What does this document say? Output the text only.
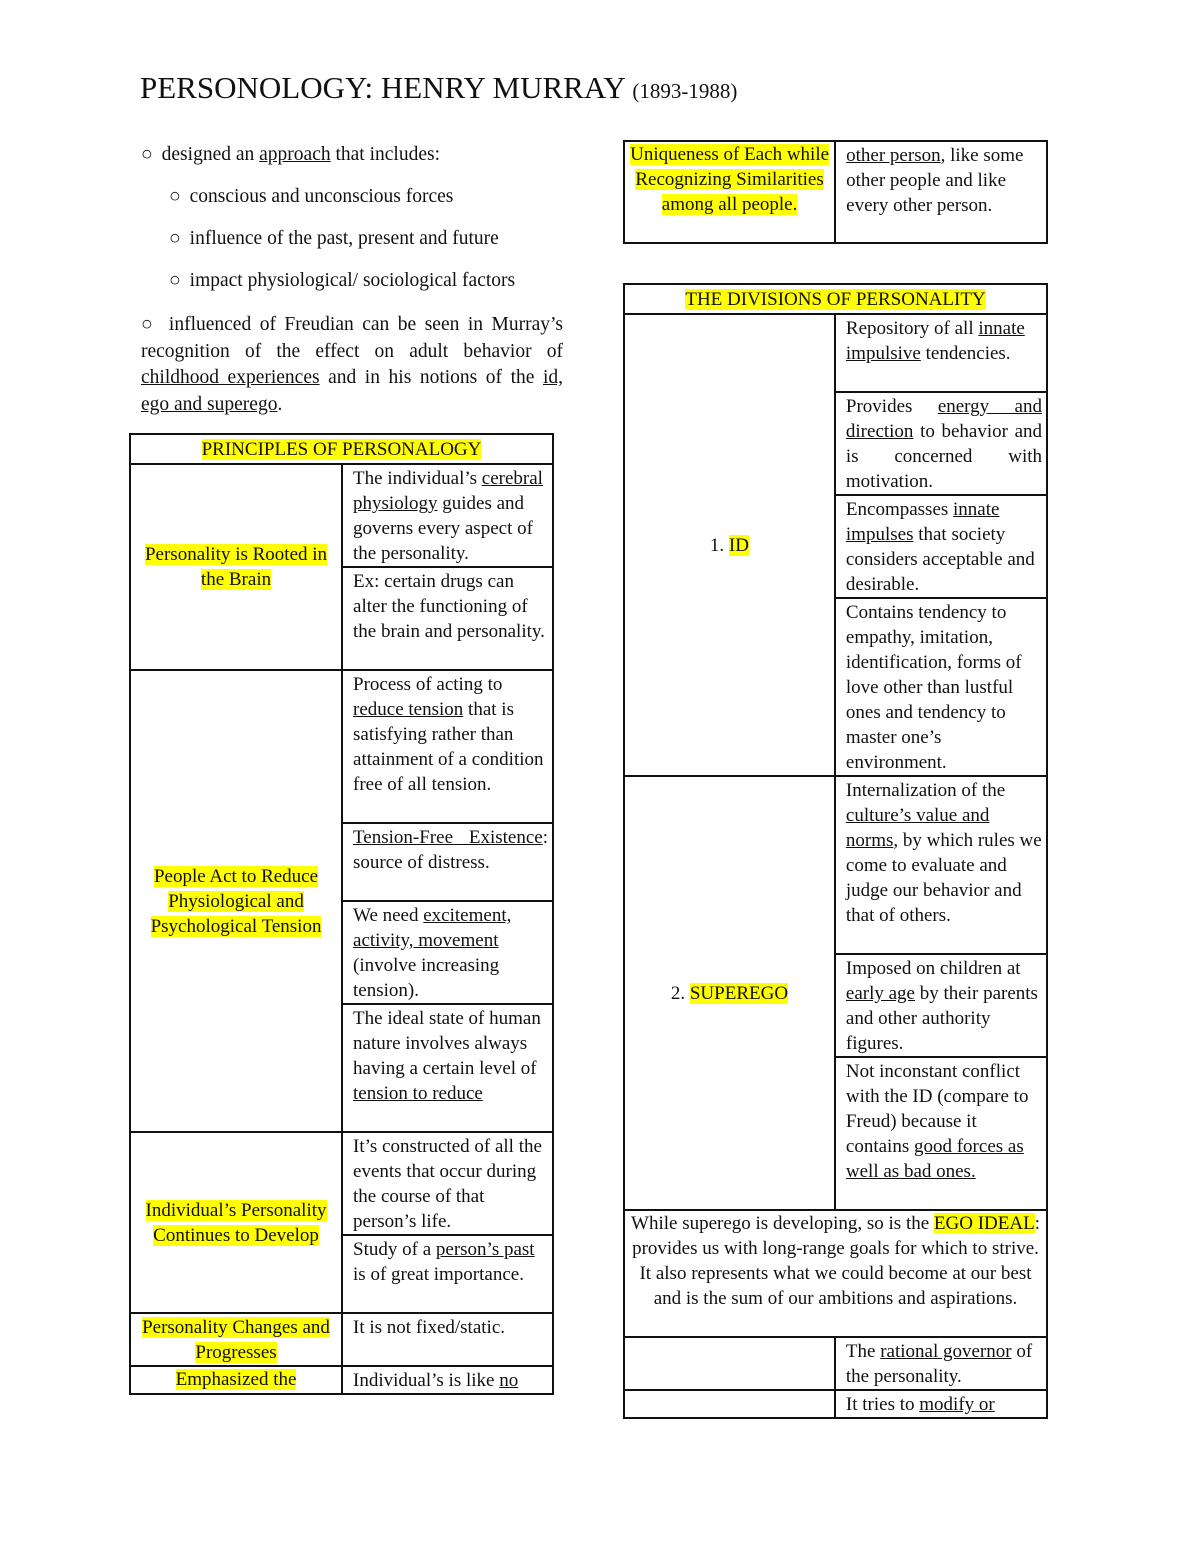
PERSONOLOGY: HENRY MURRAY (1893-1988)
○ designed an approach that includes:
○ conscious and unconscious forces
○ influence of the past, present and future
○ impact physiological/ sociological factors
○ influenced of Freudian can be seen in Murray’s recognition of the effect on adult behavior of childhood experiences and in his notions of the id, ego and superego.
PRINCIPLES OF PERSONALOGY	
Personality is Rooted in the Brain	The individual’s cerebral physiology guides and governs every aspect of the personality.
	Ex: certain drugs can alter the functioning of the brain and personality.
People Act to Reduce Physiological and Psychological Tension	Process of acting to reduce tension that is satisfying rather than attainment of a condition free of all tension.
	Tension-Free Existence: source of distress.
	We need excitement, activity, movement (involve increasing tension).
	The ideal state of human nature involves always having a certain level of tension to reduce
Individual’s Personality Continues to Develop	It’s constructed of all the events that occur during the course of that person’s life.
	Study of a person’s past is of great importance.
Personality Changes and Progresses	It is not fixed/static.
Emphasized the	Individual’s is like no
Uniqueness of Each while Recognizing Similarities among all people.	other person, like some other people and like every other person.
THE DIVISIONS OF PERSONALITY	
1. ID	Repository of all innate impulsive tendencies.
	Provides energy and direction to behavior and is concerned with motivation.
	Encompasses innate impulses that society considers acceptable and desirable.
	Contains tendency to empathy, imitation, identification, forms of love other than lustful ones and tendency to master one’s environment.
2. SUPEREGO	Internalization of the culture’s value and norms, by which rules we come to evaluate and judge our behavior and that of others.
	Imposed on children at early age by their parents and other authority figures.
	Not inconstant conflict with the ID (compare to Freud) because it contains good forces as well as bad ones.
While superego is developing, so is the EGO IDEAL: provides us with long-range goals for which to strive. It also represents what we could become at our best and is the sum of our ambitions and aspirations.	
	The rational governor of the personality.
	It tries to modify or
